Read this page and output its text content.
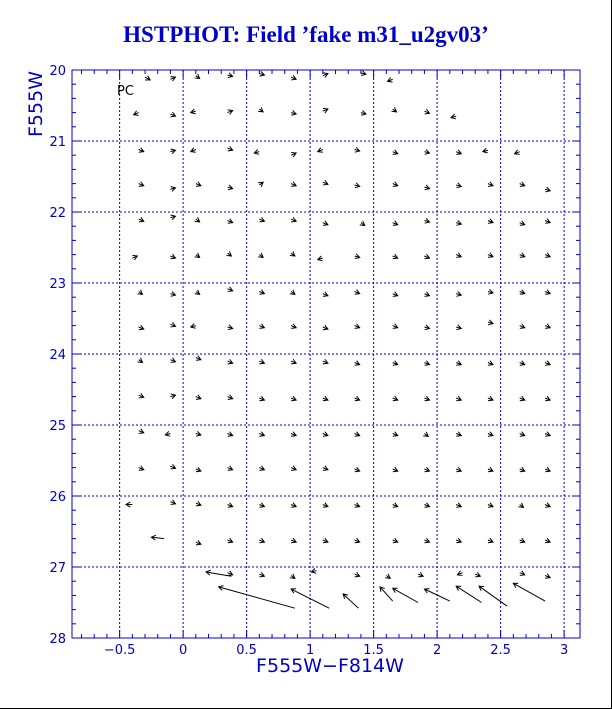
HSTPHOT: Field ’fake m31_u2gv03’
−0.5	0	0.5	1	1.5	2	2.5	3
20
21
22
23
24
25
26
27
28
PC
F555W−F814W
F555W
